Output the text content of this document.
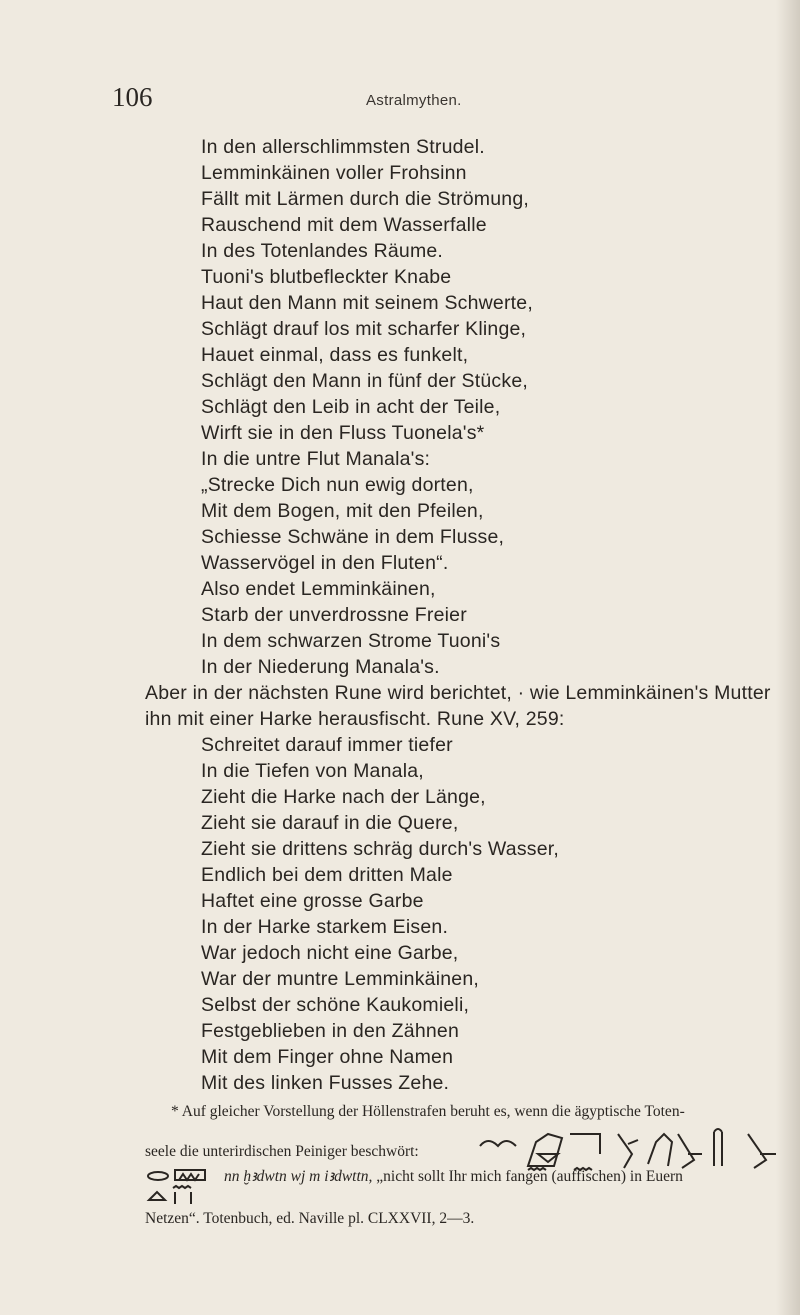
106	Astralmythen.
In den allerschlimmsten Strudel.
Lemminkäinen voller Frohsinn
Fällt mit Lärmen durch die Strömung,
Rauschend mit dem Wasserfalle
In des Totenlandes Räume.
Tuoni's blutbefleckter Knabe
Haut den Mann mit seinem Schwerte,
Schlägt drauf los mit scharfer Klinge,
Hauet einmal, dass es funkelt,
Schlägt den Mann in fünf der Stücke,
Schlägt den Leib in acht der Teile,
Wirft sie in den Fluss Tuonela's*
In die untre Flut Manala's:
„Strecke Dich nun ewig dorten,
Mit dem Bogen, mit den Pfeilen,
Schiesse Schwäne in dem Flusse,
Wasservögel in den Fluten“.
Also endet Lemminkäinen,
Starb der unverdrossne Freier
In dem schwarzen Strome Tuoni's
In der Niederung Manala's.
Aber in der nächsten Rune wird berichtet, · wie Lemminkäinen's Mutter
ihn mit einer Harke herausfischt. Rune XV, 259:
Schreitet darauf immer tiefer
In die Tiefen von Manala,
Zieht die Harke nach der Länge,
Zieht sie darauf in die Quere,
Zieht sie drittens schräg durch's Wasser,
Endlich bei dem dritten Male
Haftet eine grosse Garbe
In der Harke starkem Eisen.
War jedoch nicht eine Garbe,
War der muntre Lemminkäinen,
Selbst der schöne Kaukomieli,
Festgeblieben in den Zähnen
Mit dem Finger ohne Namen
Mit des linken Fusses Zehe.
* Auf gleicher Vorstellung der Höllenstrafen beruht es, wenn die ägyptische Toten-
seele die unterirdischen Peiniger beschwört:
nn ḫꜣdwtn wj m iꜣdwttn, „nicht sollt Ihr mich fangen (auffischen) in Euern
Netzen“. Totenbuch, ed. Naville pl. CLXXVII, 2—3.
